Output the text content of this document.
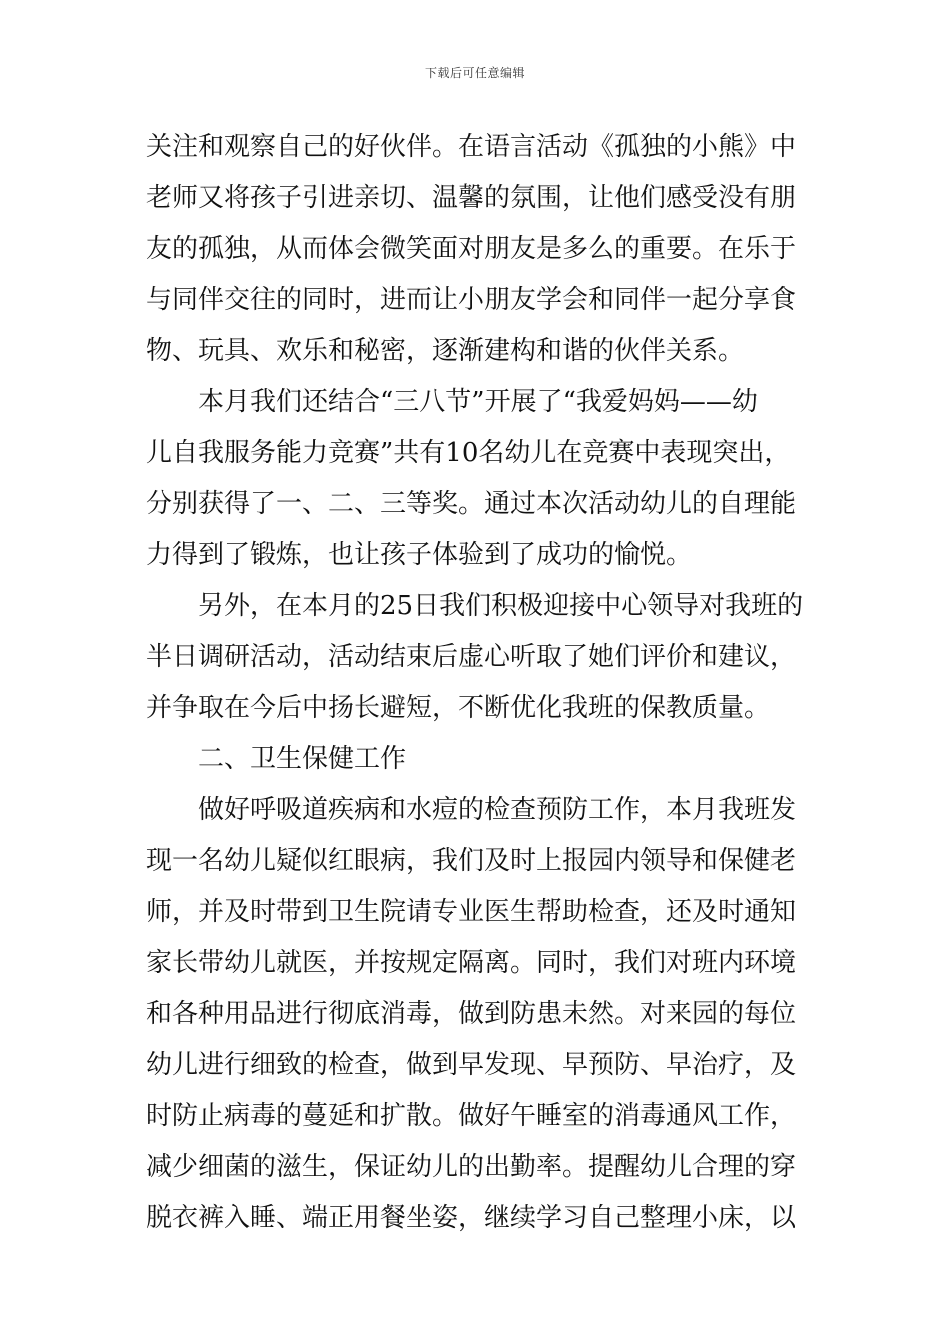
下载后可任意编辑
关注和观察自己的好伙伴。在语言活动《孤独的小熊》中
老师又将孩子引进亲切、温馨的氛围，让他们感受没有朋
友的孤独，从而体会微笑面对朋友是多么的重要。在乐于
与同伴交往的同时，进而让小朋友学会和同伴一起分享食
物、玩具、欢乐和秘密，逐渐建构和谐的伙伴关系。
本月我们还结合“三八节”开展了“我爱妈妈——幼
儿自我服务能力竞赛”共有10名幼儿在竞赛中表现突出，
分别获得了一、二、三等奖。通过本次活动幼儿的自理能
力得到了锻炼，也让孩子体验到了成功的愉悦。
另外，在本月的25日我们积极迎接中心领导对我班的
半日调研活动，活动结束后虚心听取了她们评价和建议，
并争取在今后中扬长避短，不断优化我班的保教质量。
二、卫生保健工作
做好呼吸道疾病和水痘的检查预防工作，本月我班发
现一名幼儿疑似红眼病，我们及时上报园内领导和保健老
师，并及时带到卫生院请专业医生帮助检查，还及时通知
家长带幼儿就医，并按规定隔离。同时，我们对班内环境
和各种用品进行彻底消毒，做到防患未然。对来园的每位
幼儿进行细致的检查，做到早发现、早预防、早治疗，及
时防止病毒的蔓延和扩散。做好午睡室的消毒通风工作，
减少细菌的滋生，保证幼儿的出勤率。提醒幼儿合理的穿
脱衣裤入睡、端正用餐坐姿，继续学习自己整理小床，以
